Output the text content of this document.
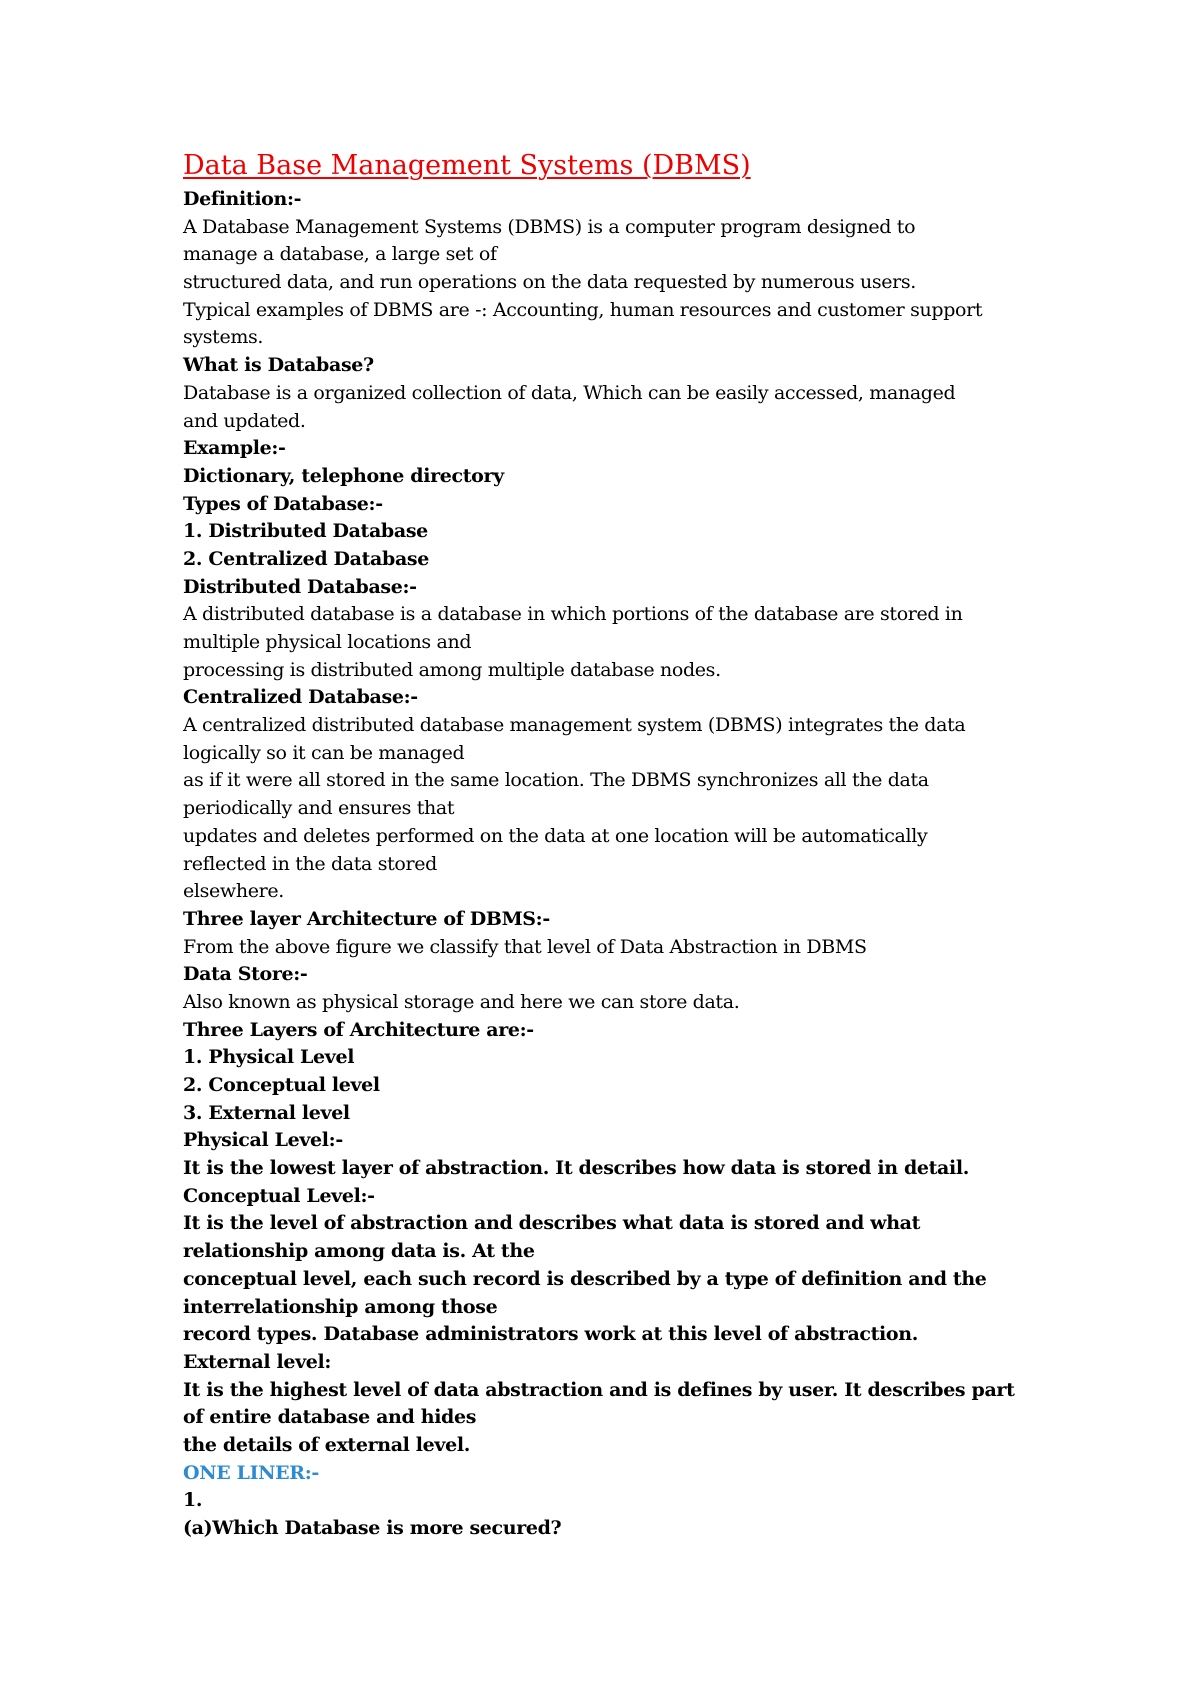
Data Base Management Systems (DBMS)
Definition:-
A Database Management Systems (DBMS) is a computer program designed to
manage a database, a large set of
structured data, and run operations on the data requested by numerous users.
Typical examples of DBMS are -: Accounting, human resources and customer support
systems.
What is Database?
Database is a organized collection of data, Which can be easily accessed, managed
and updated.
Example:-
Dictionary, telephone directory
Types of Database:-
1. Distributed Database
2. Centralized Database
Distributed Database:-
A distributed database is a database in which portions of the database are stored in
multiple physical locations and
processing is distributed among multiple database nodes.
Centralized Database:-
A centralized distributed database management system (DBMS) integrates the data
logically so it can be managed
as if it were all stored in the same location. The DBMS synchronizes all the data
periodically and ensures that
updates and deletes performed on the data at one location will be automatically
reflected in the data stored
elsewhere.
Three layer Architecture of DBMS:-
From the above figure we classify that level of Data Abstraction in DBMS
Data Store:-
Also known as physical storage and here we can store data.
Three Layers of Architecture are:-
1. Physical Level
2. Conceptual level
3. External level
Physical Level:-
It is the lowest layer of abstraction. It describes how data is stored in detail.
Conceptual Level:-
It is the level of abstraction and describes what data is stored and what
relationship among data is. At the
conceptual level, each such record is described by a type of definition and the
interrelationship among those
record types. Database administrators work at this level of abstraction.
External level:
It is the highest level of data abstraction and is defines by user. It describes part
of entire database and hides
the details of external level.
ONE LINER:-
1.
(a)Which Database is more secured?
